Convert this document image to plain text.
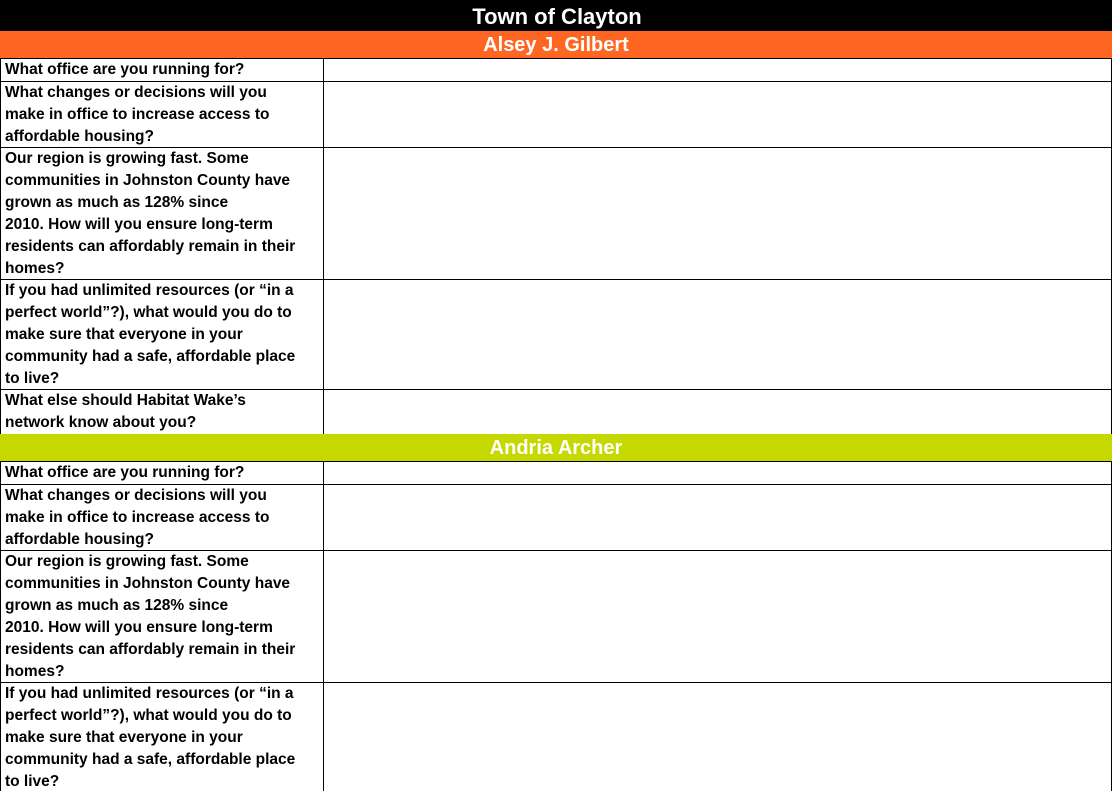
Town of Clayton
Alsey J. Gilbert
What office are you running for?
What changes or decisions will you
make in office to increase access to
affordable housing?
Our region is growing fast. Some
communities in Johnston County have
grown as much as 128% since
2010. How will you ensure long-term
residents can affordably remain in their
homes?
If you had unlimited resources (or “in a
perfect world”?), what would you do to
make sure that everyone in your
community had a safe, affordable place
to live?
What else should Habitat Wake’s
network know about you?
Andria Archer
What office are you running for?
What changes or decisions will you
make in office to increase access to
affordable housing?
Our region is growing fast. Some
communities in Johnston County have
grown as much as 128% since
2010. How will you ensure long-term
residents can affordably remain in their
homes?
If you had unlimited resources (or “in a
perfect world”?), what would you do to
make sure that everyone in your
community had a safe, affordable place
to live?
